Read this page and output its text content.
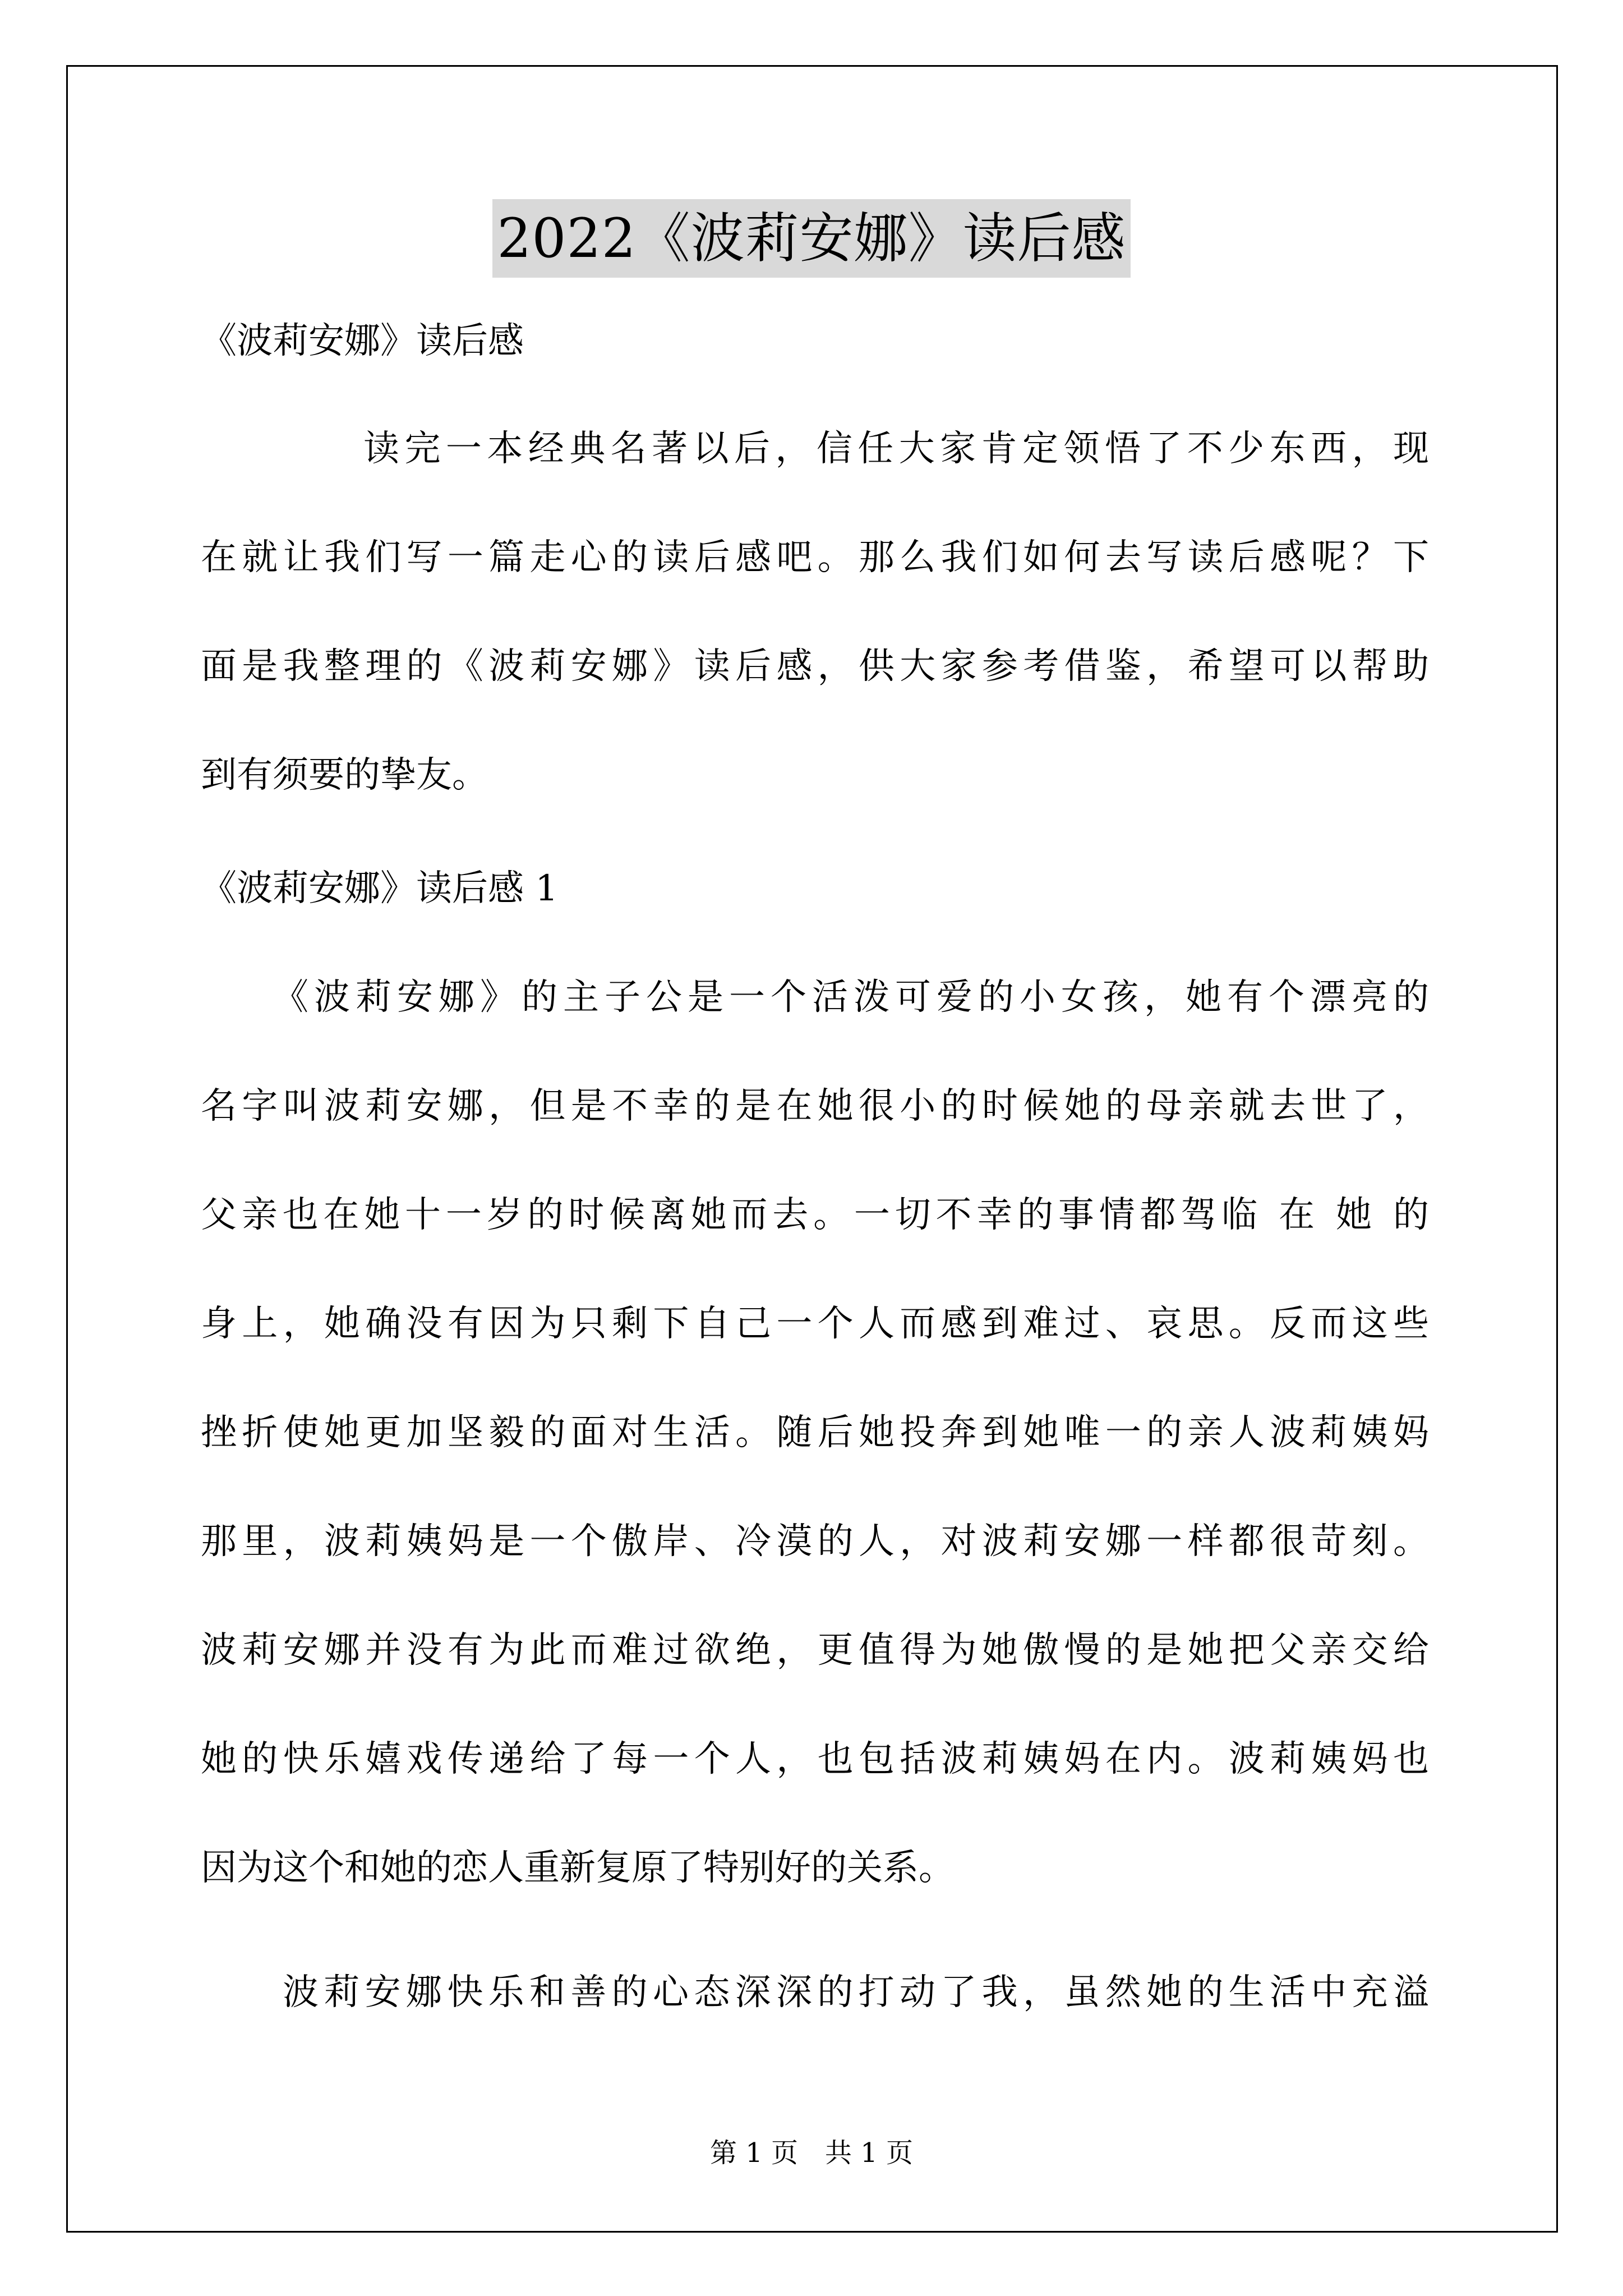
2022《波莉安娜》读后感

《波莉安娜》读后感

读完一本经典名著以后，信任大家肯定领悟了不少东西，现
在就让我们写一篇走心的读后感吧。那么我们如何去写读后感呢？下
面是我整理的《波莉安娜》读后感，供大家参考借鉴，希望可以帮助
到有须要的挚友。

《波莉安娜》读后感 1

《波莉安娜》的主子公是一个活泼可爱的小女孩，她有个漂亮的
名字叫波莉安娜，但是不幸的是在她很小的时候她的母亲就去世了，
父亲也在她十一岁的时候离她而去。一切不幸的事情都驾临 在 她 的
身上，她确没有因为只剩下自己一个人而感到难过、哀思。反而这些
挫折使她更加坚毅的面对生活。随后她投奔到她唯一的亲人波莉姨妈
那里，波莉姨妈是一个傲岸、冷漠的人，对波莉安娜一样都很苛刻。
波莉安娜并没有为此而难过欲绝，更值得为她傲慢的是她把父亲交给
她的快乐嬉戏传递给了每一个人，也包括波莉姨妈在内。波莉姨妈也
因为这个和她的恋人重新复原了特别好的关系。

波莉安娜快乐和善的心态深深的打动了我，虽然她的生活中充溢

第 1 页　共 1 页
